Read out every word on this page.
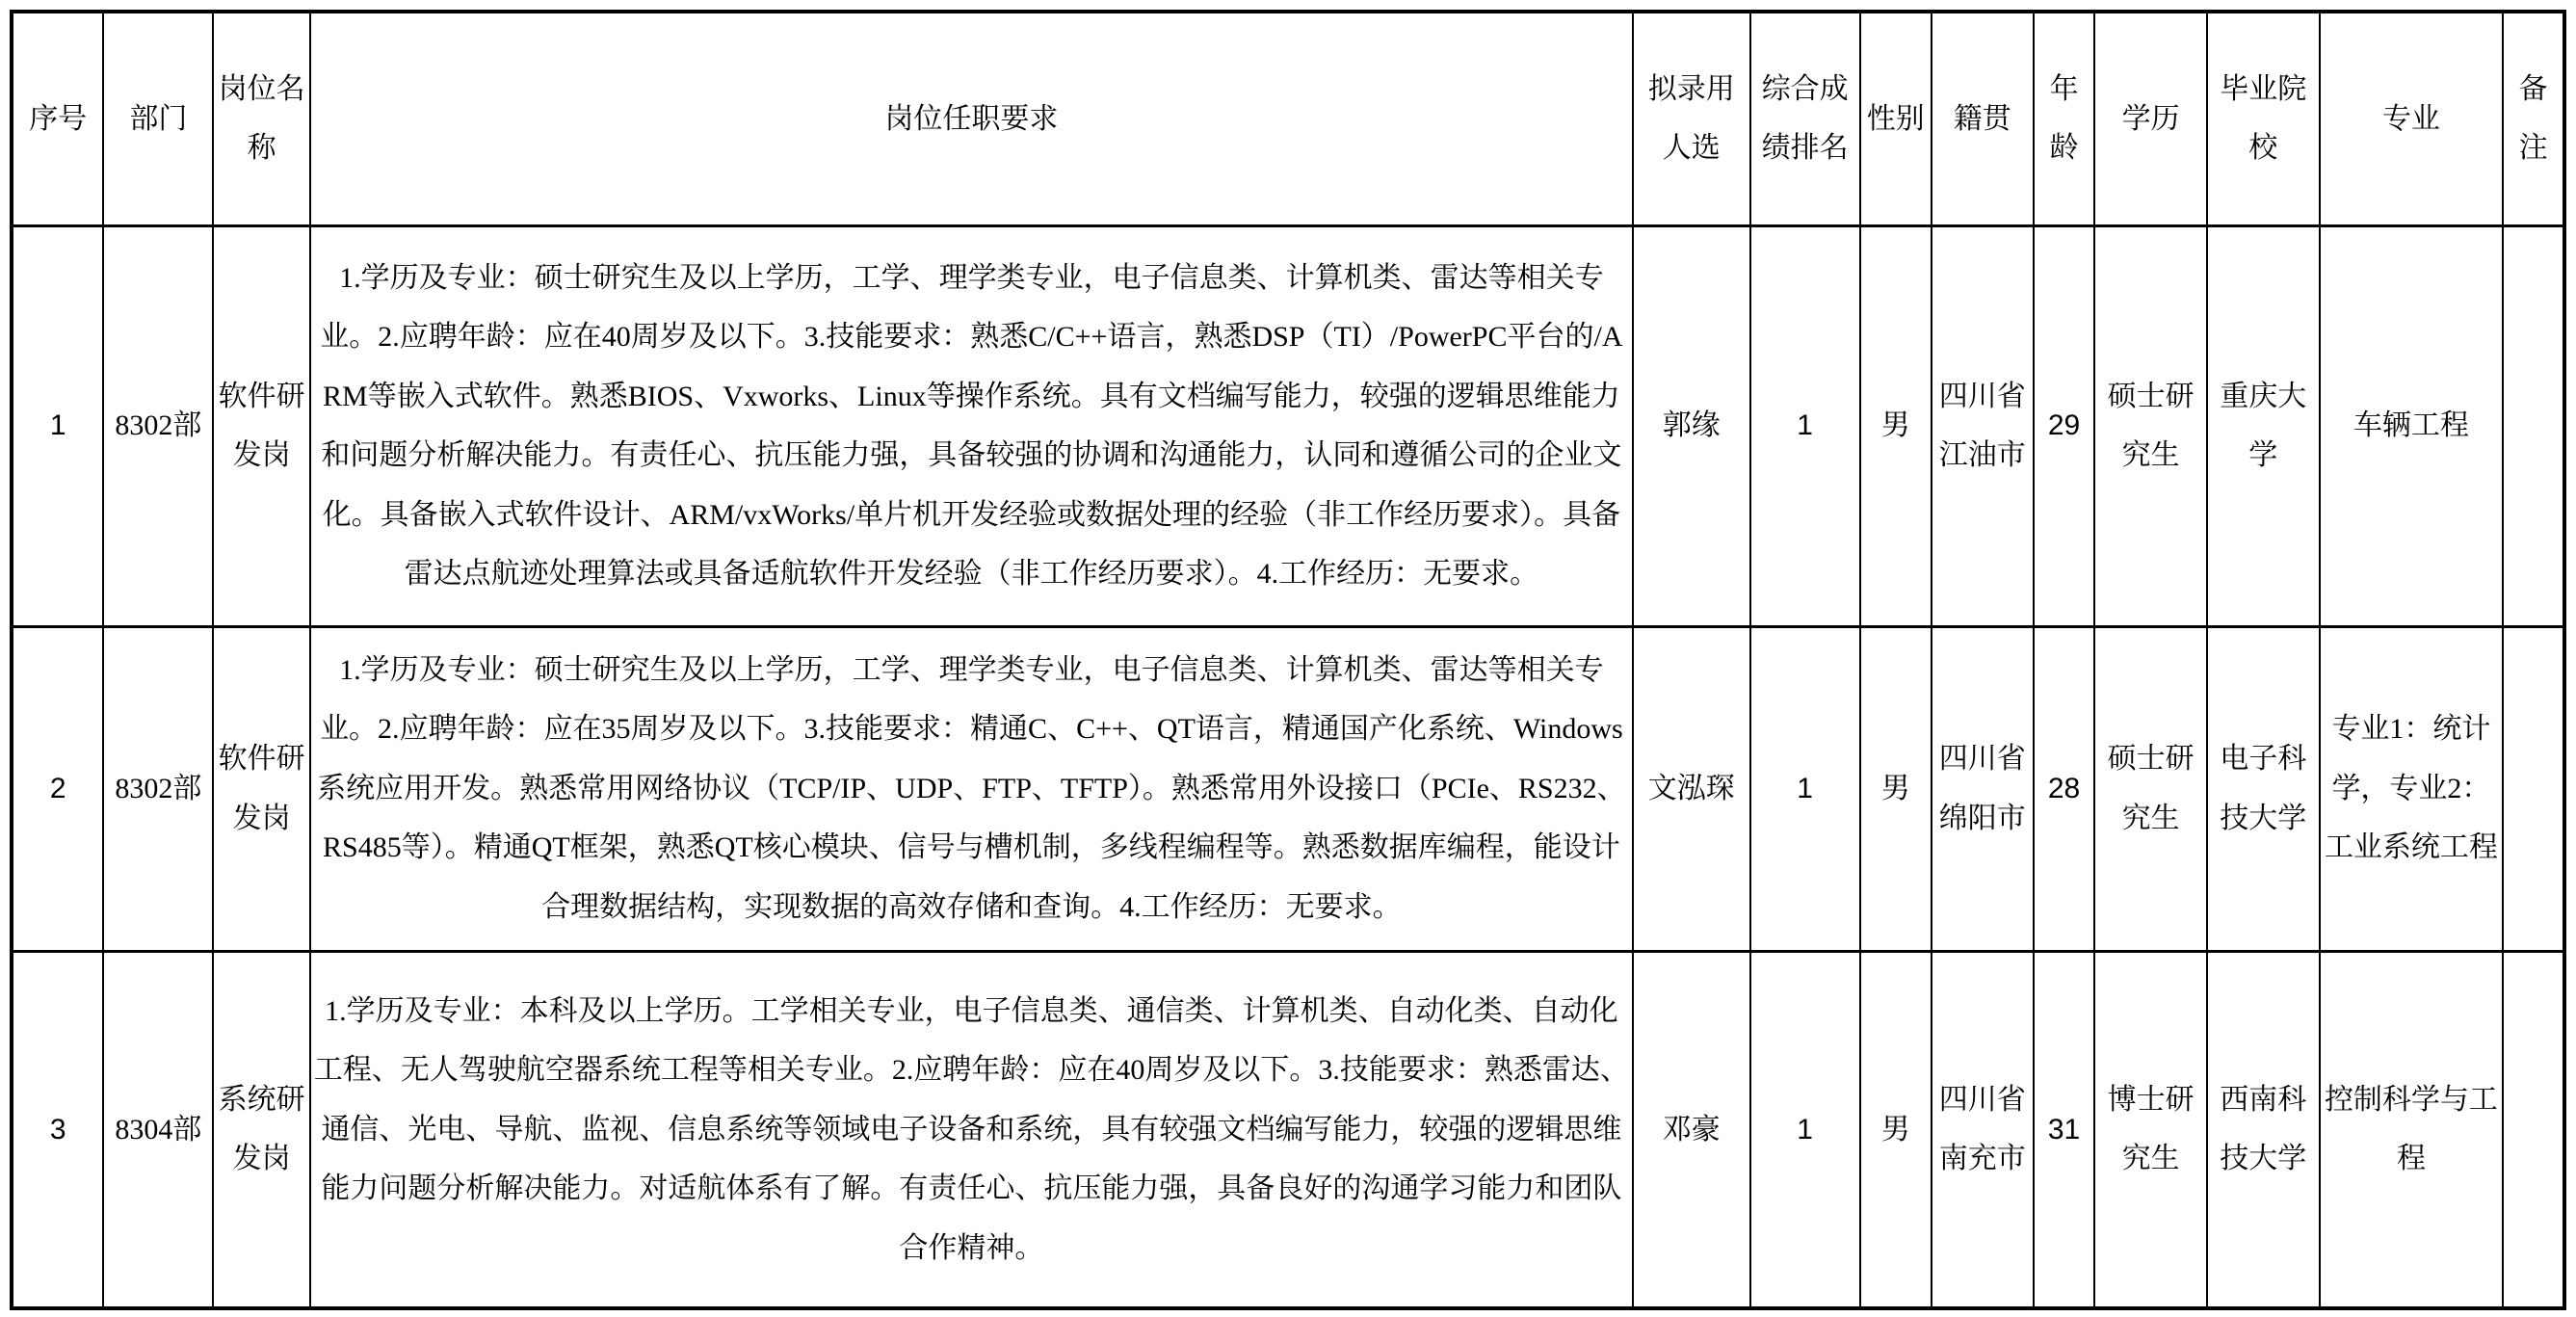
序号	部门	岗位名称	岗位任职要求	拟录用人选	综合成绩排名	性别	籍贯	年龄	学历	毕业院校	专业	备注
1	8302部	软件研发岗	1.学历及专业：硕士研究生及以上学历，工学、理学类专业，电子信息类、计算机类、雷达等相关专业。2.应聘年龄：应在40周岁及以下。3.技能要求：熟悉C/C++语言，熟悉DSP（TI）/PowerPC平台的/ARM等嵌入式软件。熟悉BIOS、Vxworks、Linux等操作系统。具有文档编写能力，较强的逻辑思维能力和问题分析解决能力。有责任心、抗压能力强，具备较强的协调和沟通能力，认同和遵循公司的企业文化。具备嵌入式软件设计、ARM/vxWorks/单片机开发经验或数据处理的经验（非工作经历要求）。具备雷达点航迹处理算法或具备适航软件开发经验（非工作经历要求）。4.工作经历：无要求。	郭缘	1	男	四川省江油市	29	硕士研究生	重庆大学	车辆工程	
2	8302部	软件研发岗	1.学历及专业：硕士研究生及以上学历，工学、理学类专业，电子信息类、计算机类、雷达等相关专业。2.应聘年龄：应在35周岁及以下。3.技能要求：精通C、C++、QT语言，精通国产化系统、Windows系统应用开发。熟悉常用网络协议（TCP/IP、UDP、FTP、TFTP）。熟悉常用外设接口（PCIe、RS232、RS485等）。精通QT框架，熟悉QT核心模块、信号与槽机制，多线程编程等。熟悉数据库编程，能设计合理数据结构，实现数据的高效存储和查询。4.工作经历：无要求。	文泓琛	1	男	四川省绵阳市	28	硕士研究生	电子科技大学	专业1：统计学，专业2：工业系统工程	
3	8304部	系统研发岗	1.学历及专业：本科及以上学历。工学相关专业，电子信息类、通信类、计算机类、自动化类、自动化工程、无人驾驶航空器系统工程等相关专业。2.应聘年龄：应在40周岁及以下。3.技能要求：熟悉雷达、通信、光电、导航、监视、信息系统等领域电子设备和系统，具有较强文档编写能力，较强的逻辑思维能力问题分析解决能力。对适航体系有了解。有责任心、抗压能力强，具备良好的沟通学习能力和团队合作精神。	邓豪	1	男	四川省南充市	31	博士研究生	西南科技大学	控制科学与工程	
